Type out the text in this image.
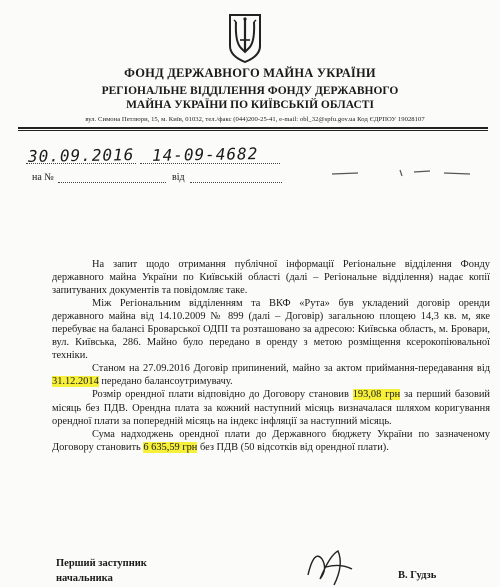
ФОНД ДЕРЖАВНОГО МАЙНА УКРАЇНИ
РЕГІОНАЛЬНЕ ВІДДІЛЕННЯ ФОНДУ ДЕРЖАВНОГО
МАЙНА УКРАЇНИ ПО КИЇВСЬКІЙ ОБЛАСТІ
вул. Симона Петлюри, 15, м. Київ, 01032, тел./факс (044)200-25-41, e-mail: obl_32@spfu.gov.ua Код ЄДРПОУ 19028107
30.09.2016 14-09-4682
на №	від

На запит щодо отримання публічної інформації Регіональне відділення Фонду державного майна України по Київській області (далі – Регіональне відділення) надає копії запитуваних документів та повідомляє таке.

Між Регіональним відділенням та ВКФ «Рута» був укладений договір оренди державного майна від 14.10.2009 № 899 (далі – Договір) загальною площею 14,3 кв. м, яке перебуває на балансі Броварської ОДПІ та розташовано за адресою: Київська область, м. Бровари, вул. Київська, 286. Майно було передано в оренду з метою розміщення ксерокопіювальної техніки.

Станом на 27.09.2016 Договір припинений, майно за актом приймання-передавання від 31.12.2014 передано балансоутримувачу.

Розмір орендної плати відповідно до Договору становив 193,08 грн за перший базовий місяць без ПДВ. Орендна плата за кожний наступний місяць визначалася шляхом коригування орендної плати за попередній місяць на індекс інфляції за наступний місяць.

Сума надходжень орендної плати до Державного бюджету України по зазначеному Договору становить 6 635,59 грн без ПДВ (50 відсотків від орендної плати).

Перший заступник
начальника	В. Гудзь
